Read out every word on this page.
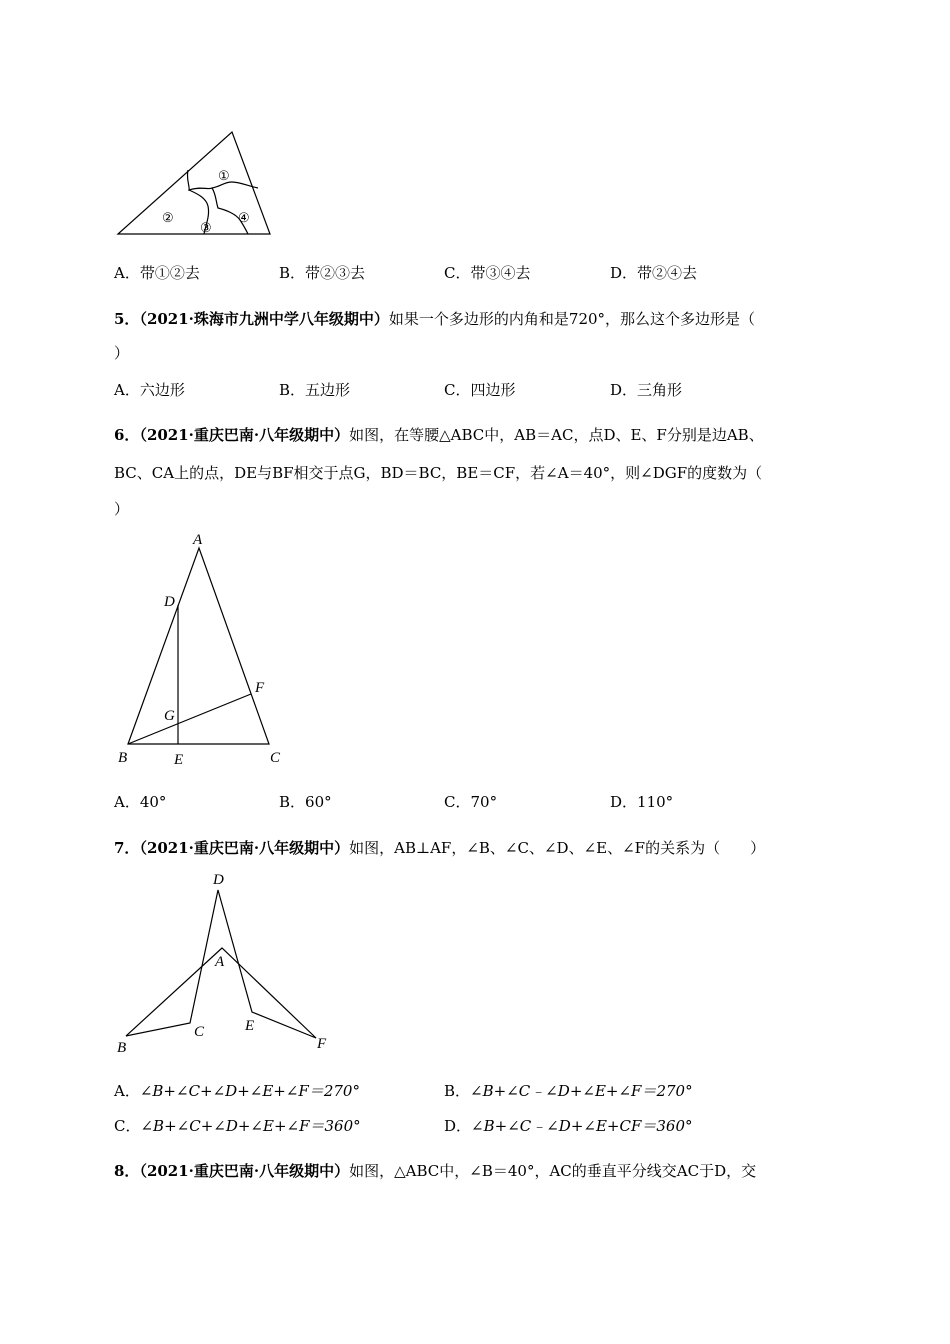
①
②
③
④
A．带①②去	B．带②③去	C．带③④去	D．带②④去
5．（2021·珠海市九洲中学八年级期中）如果一个多边形的内角和是720°，那么这个多边形是（
）
A．六边形	B．五边形	C．四边形	D．三角形
6．（2021·重庆巴南·八年级期中）如图，在等腰△ABC中，AB＝AC，点D、E、F分别是边AB、
BC、CA上的点，DE与BF相交于点G，BD＝BC，BE＝CF，若∠A＝40°，则∠DGF的度数为（
）
A
D
F
G
B	E	C
A．40°	B．60°	C．70°	D．110°
7．（2021·重庆巴南·八年级期中）如图，AB⊥AF，∠B、∠C、∠D、∠E、∠F的关系为（　　）
D
A
C	E
B	F
A．∠B+∠C+∠D+∠E+∠F＝270°	B．∠B+∠C﹣∠D+∠E+∠F＝270°
C．∠B+∠C+∠D+∠E+∠F＝360°	D．∠B+∠C﹣∠D+∠E+CF＝360°
8．（2021·重庆巴南·八年级期中）如图，△ABC中，∠B＝40°，AC的垂直平分线交AC于D，交
